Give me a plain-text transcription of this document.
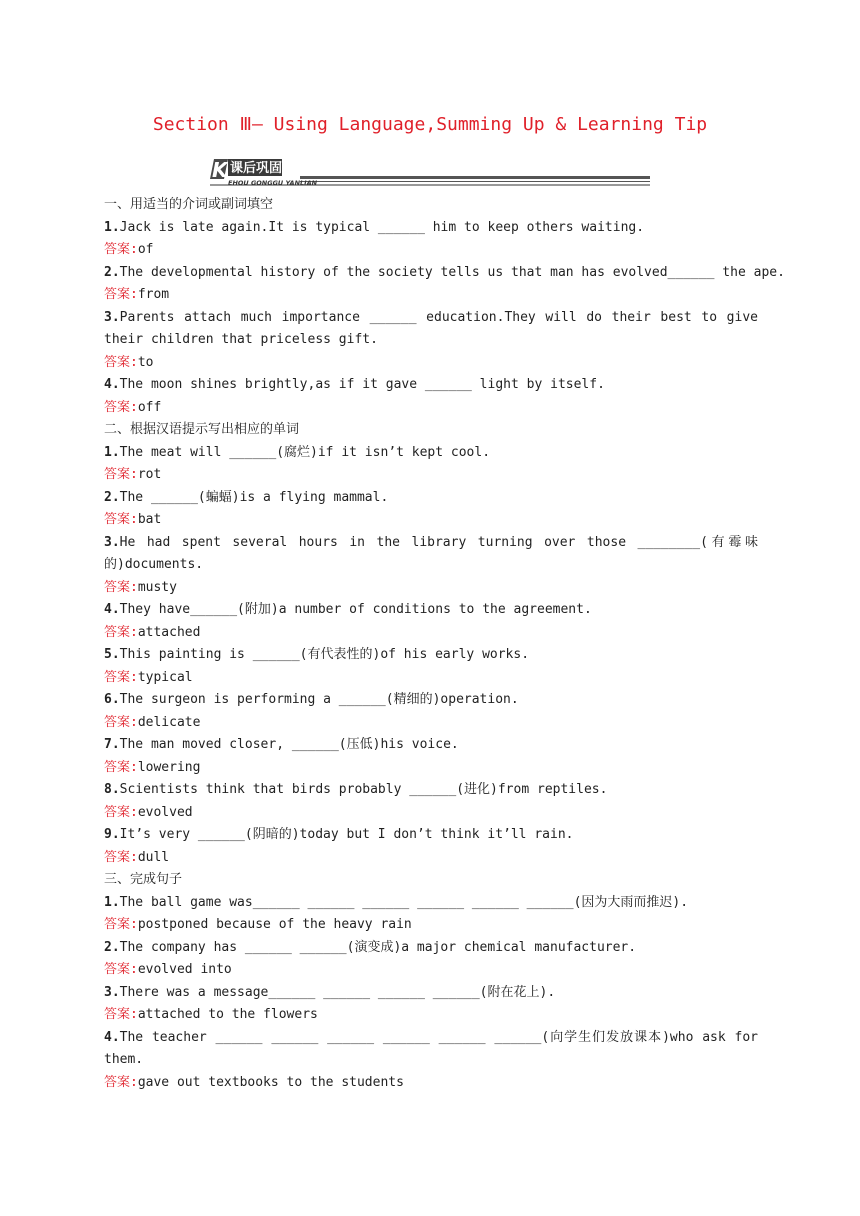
Section Ⅲ— Using Language,Summing Up & Learning Tip
K 课后巩固演练
EHOU GONGGU YANLIAN
一、用适当的介词或副词填空
1.Jack is late again.It is typical ______ him to keep others waiting.
答案:of
2.The developmental history of the society tells us that man has evolved______ the ape.
答案:from
3.Parents attach much importance ______ education.They will do their best to give their children that priceless gift.
答案:to
4.The moon shines brightly,as if it gave ______ light by itself.
答案:off
二、根据汉语提示写出相应的单词
1.The meat will ______(腐烂)if it isn’t kept cool.
答案:rot
2.The ______(蝙蝠)is a flying mammal.
答案:bat
3.He had spent several hours in the library turning over those ________(有霉味的)documents.
答案:musty
4.They have______(附加)a number of conditions to the agreement.
答案:attached
5.This painting is ______(有代表性的)of his early works.
答案:typical
6.The surgeon is performing a ______(精细的)operation.
答案:delicate
7.The man moved closer, ______(压低)his voice.
答案:lowering
8.Scientists think that birds probably ______(进化)from reptiles.
答案:evolved
9.It’s very ______(阴暗的)today but I don’t think it’ll rain.
答案:dull
三、完成句子
1.The ball game was______ ______ ______ ______ ______ ______(因为大雨而推迟).
答案:postponed because of the heavy rain
2.The company has ______ ______(演变成)a major chemical manufacturer.
答案:evolved into
3.There was a message______ ______ ______ ______(附在花上).
答案:attached to the flowers
4.The teacher ______ ______ ______ ______ ______ ______(向学生们发放课本)who ask for them.
答案:gave out textbooks to the students
